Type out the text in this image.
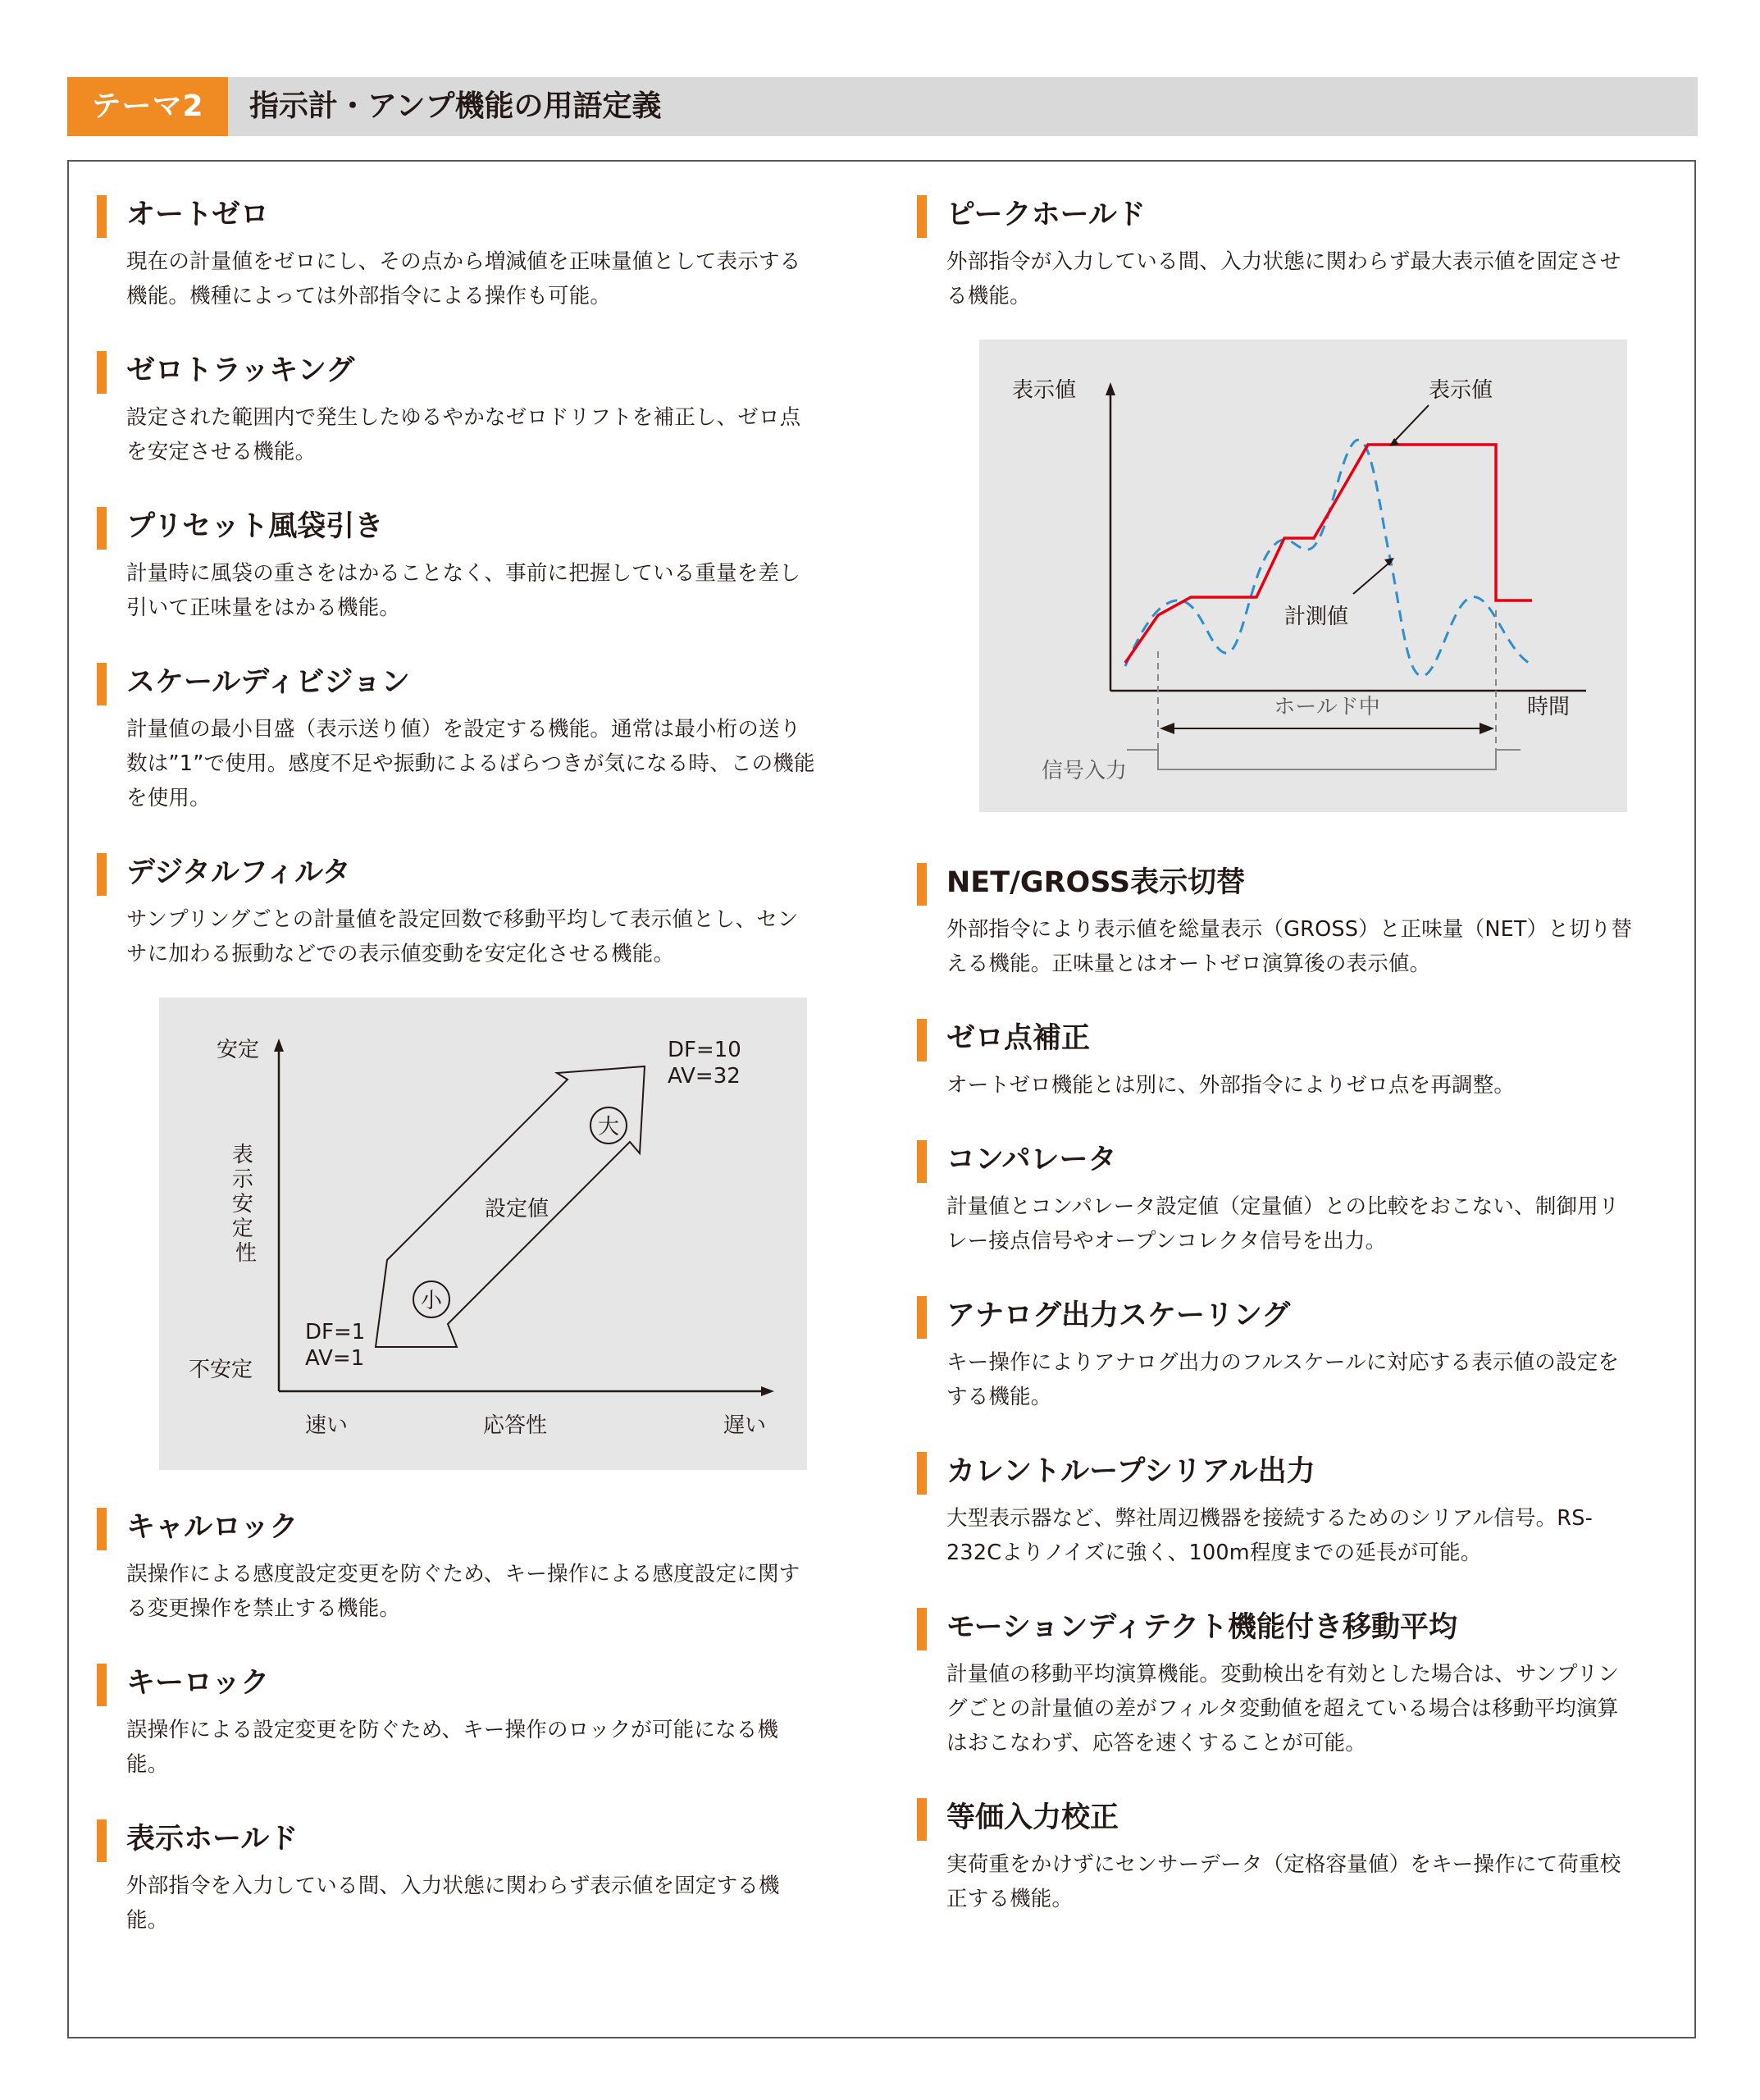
テーマ2	指示計・アンプ機能の用語定義
オートゼロ
現在の計量値をゼロにし、その点から増減値を正味量値として表示する機能。機種によっては外部指令による操作も可能。
ゼロトラッキング
設定された範囲内で発生したゆるやかなゼロドリフトを補正し、ゼロ点を安定させる機能。
プリセット風袋引き
計量時に風袋の重さをはかることなく、事前に把握している重量を差し引いて正味量をはかる機能。
スケールディビジョン
計量値の最小目盛（表示送り値）を設定する機能。通常は最小桁の送り数は”1”で使用。感度不足や振動によるばらつきが気になる時、この機能を使用。
デジタルフィルタ
サンプリングごとの計量値を設定回数で移動平均して表示値とし、センサに加わる振動などでの表示値変動を安定化させる機能。
大
小
安定
不安定
表 示 安 定 性
設定値
DF=10
AV=32
DF=1
AV=1
速い	応答性	遅い
キャルロック
誤操作による感度設定変更を防ぐため、キー操作による感度設定に関する変更操作を禁止する機能。
キーロック
誤操作による設定変更を防ぐため、キー操作のロックが可能になる機能。
表示ホールド
外部指令を入力している間、入力状態に関わらず表示値を固定する機能。
ピークホールド
外部指令が入力している間、入力状態に関わらず最大表示値を固定させる機能。
表示値	表示値
計測値
ホールド中	時間
信号入力
NET/GROSS表示切替
外部指令により表示値を総量表示（GROSS）と正味量（NET）と切り替える機能。正味量とはオートゼロ演算後の表示値。
ゼロ点補正
オートゼロ機能とは別に、外部指令によりゼロ点を再調整。
コンパレータ
計量値とコンパレータ設定値（定量値）との比較をおこない、制御用リレー接点信号やオープンコレクタ信号を出力。
アナログ出力スケーリング
キー操作によりアナログ出力のフルスケールに対応する表示値の設定をする機能。
カレントループシリアル出力
大型表示器など、弊社周辺機器を接続するためのシリアル信号。RS-232Cよりノイズに強く、100m程度までの延長が可能。
モーションディテクト機能付き移動平均
計量値の移動平均演算機能。変動検出を有効とした場合は、サンプリングごとの計量値の差がフィルタ変動値を超えている場合は移動平均演算はおこなわず、応答を速くすることが可能。
等価入力校正
実荷重をかけずにセンサーデータ（定格容量値）をキー操作にて荷重校正する機能。
